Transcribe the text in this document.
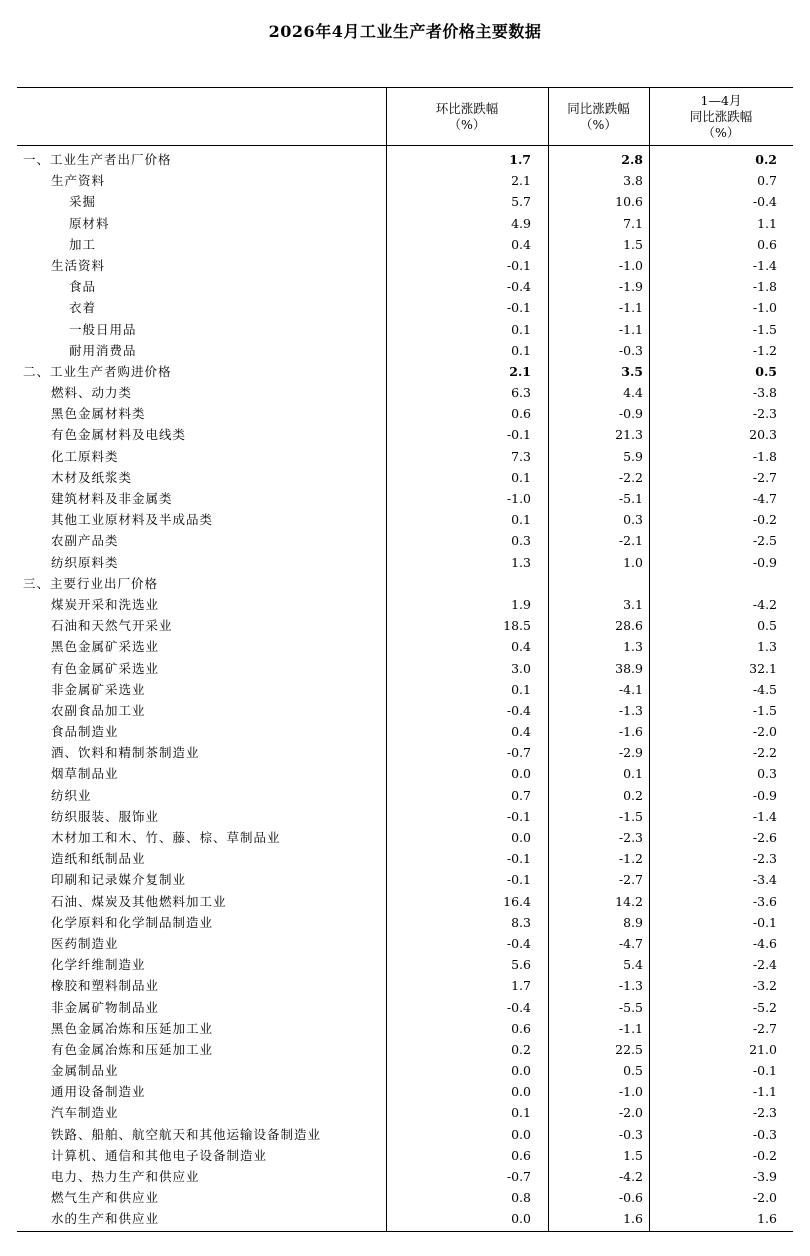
2026年4月工业生产者价格主要数据
环比涨跌幅
（%）
同比涨跌幅
（%）
1—4月
同比涨跌幅
（%）
一、工业生产者出厂价格	1.7	2.8	0.2
生产资料	2.1	3.8	0.7
采掘	5.7	10.6	-0.4
原材料	4.9	7.1	1.1
加工	0.4	1.5	0.6
生活资料	-0.1	-1.0	-1.4
食品	-0.4	-1.9	-1.8
衣着	-0.1	-1.1	-1.0
一般日用品	0.1	-1.1	-1.5
耐用消费品	0.1	-0.3	-1.2
二、工业生产者购进价格	2.1	3.5	0.5
燃料、动力类	6.3	4.4	-3.8
黑色金属材料类	0.6	-0.9	-2.3
有色金属材料及电线类	-0.1	21.3	20.3
化工原料类	7.3	5.9	-1.8
木材及纸浆类	0.1	-2.2	-2.7
建筑材料及非金属类	-1.0	-5.1	-4.7
其他工业原材料及半成品类	0.1	0.3	-0.2
农副产品类	0.3	-2.1	-2.5
纺织原料类	1.3	1.0	-0.9
三、主要行业出厂价格
煤炭开采和洗选业	1.9	3.1	-4.2
石油和天然气开采业	18.5	28.6	0.5
黑色金属矿采选业	0.4	1.3	1.3
有色金属矿采选业	3.0	38.9	32.1
非金属矿采选业	0.1	-4.1	-4.5
农副食品加工业	-0.4	-1.3	-1.5
食品制造业	0.4	-1.6	-2.0
酒、饮料和精制茶制造业	-0.7	-2.9	-2.2
烟草制品业	0.0	0.1	0.3
纺织业	0.7	0.2	-0.9
纺织服装、服饰业	-0.1	-1.5	-1.4
木材加工和木、竹、藤、棕、草制品业	0.0	-2.3	-2.6
造纸和纸制品业	-0.1	-1.2	-2.3
印刷和记录媒介复制业	-0.1	-2.7	-3.4
石油、煤炭及其他燃料加工业	16.4	14.2	-3.6
化学原料和化学制品制造业	8.3	8.9	-0.1
医药制造业	-0.4	-4.7	-4.6
化学纤维制造业	5.6	5.4	-2.4
橡胶和塑料制品业	1.7	-1.3	-3.2
非金属矿物制品业	-0.4	-5.5	-5.2
黑色金属冶炼和压延加工业	0.6	-1.1	-2.7
有色金属冶炼和压延加工业	0.2	22.5	21.0
金属制品业	0.0	0.5	-0.1
通用设备制造业	0.0	-1.0	-1.1
汽车制造业	0.1	-2.0	-2.3
铁路、船舶、航空航天和其他运输设备制造业	0.0	-0.3	-0.3
计算机、通信和其他电子设备制造业	0.6	1.5	-0.2
电力、热力生产和供应业	-0.7	-4.2	-3.9
燃气生产和供应业	0.8	-0.6	-2.0
水的生产和供应业	0.0	1.6	1.6
